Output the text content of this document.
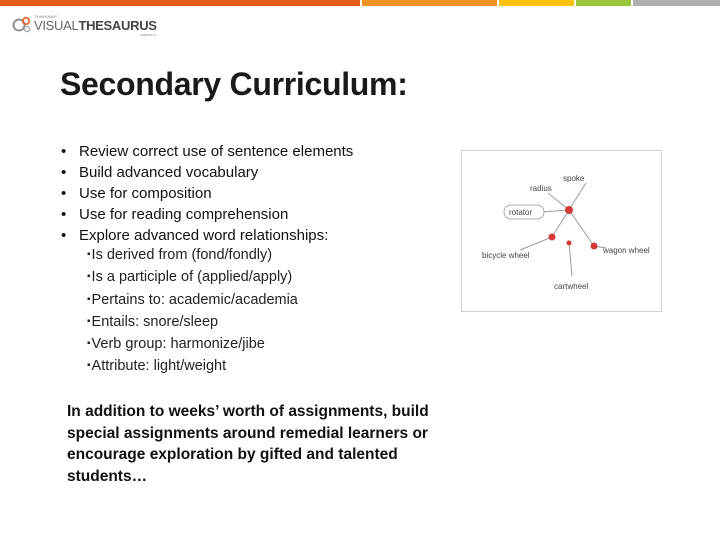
THINKMAP
VISUALTHESAURUS
VERSION 3
Secondary Curriculum:
• Review correct use of sentence elements
• Build advanced vocabulary
• Use for composition
• Use for reading comprehension
• Explore advanced word relationships:
▪Is derived from (fond/fondly)
▪Is a participle of (applied/apply)
▪Pertains to: academic/academia
▪Entails: snore/sleep
▪Verb group: harmonize/jibe
▪Attribute: light/weight
In addition to weeks’ worth of assignments, build special assignments around remedial learners or encourage exploration by gifted and talented students…
spoke
radius
rotator
bicycle wheel
wagon wheel
cartwheel
